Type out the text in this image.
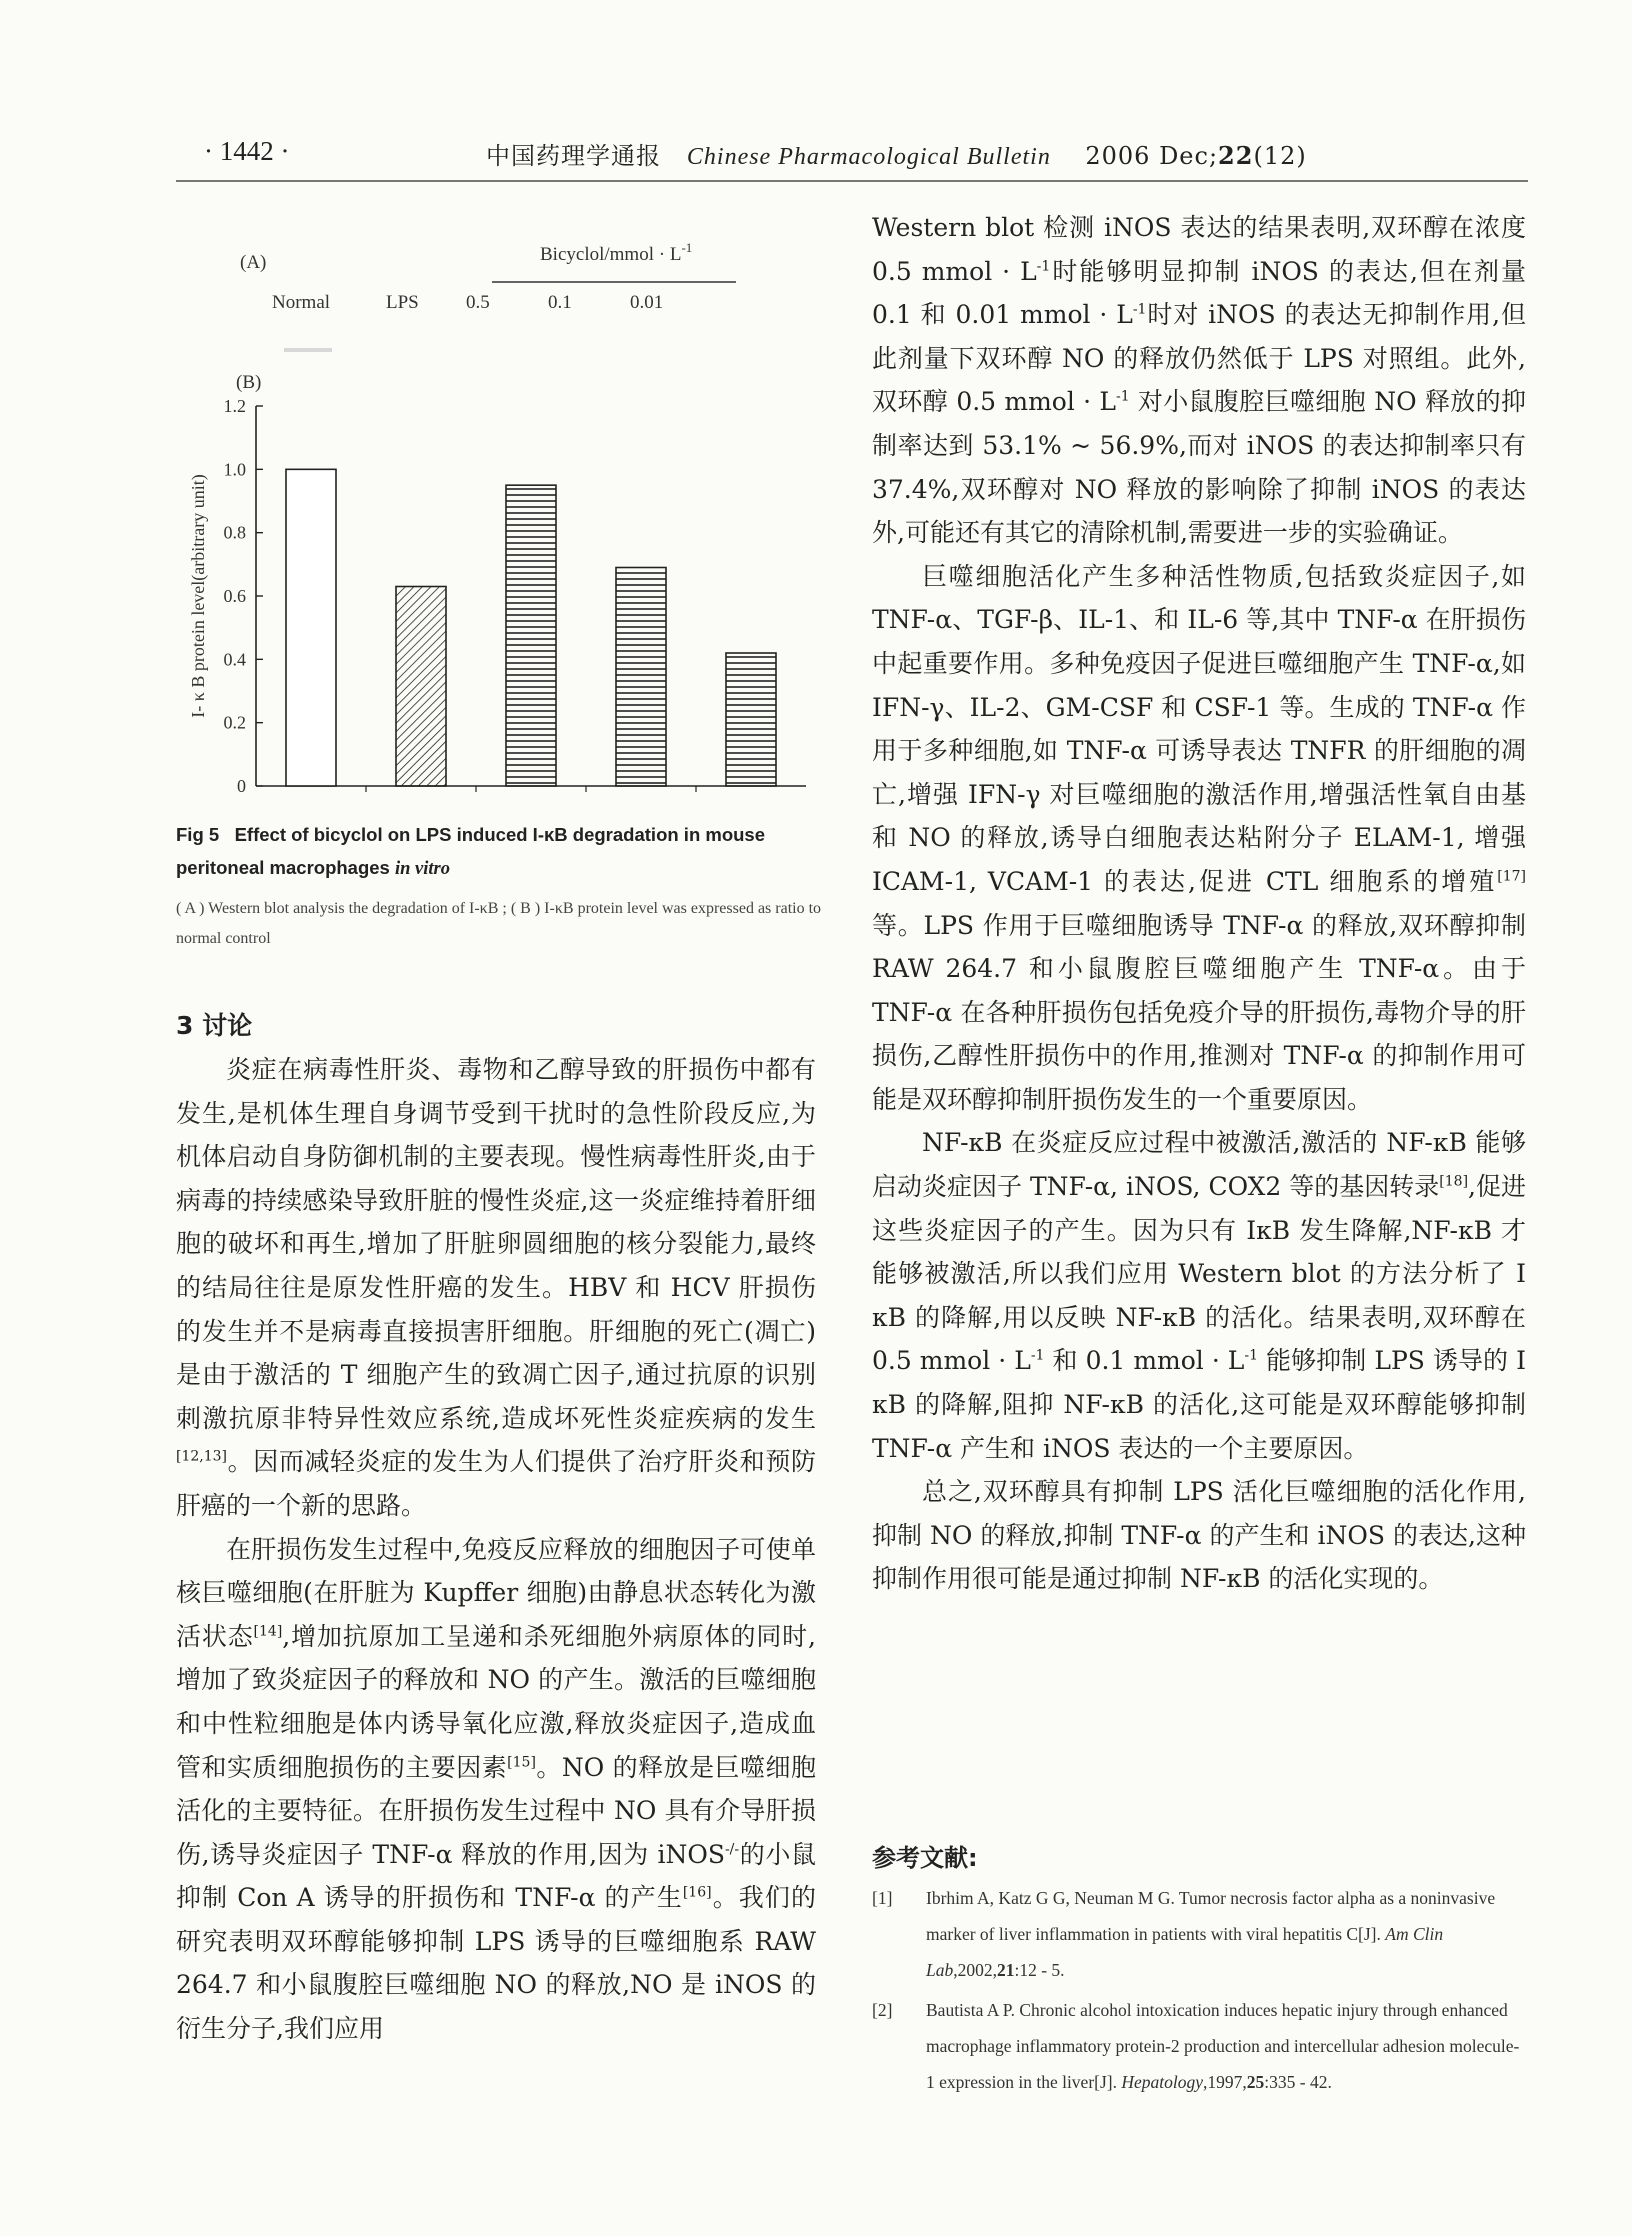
· 1442 ·	中国药理学通报 Chinese Pharmacological Bulletin 2006 Dec;22(12)
(A)	Bicyclol/mmol · $L^{-1}$
Normal	LPS 0.5	0.1	0.01
(B)
0
0.2
0.4
0.6
0.8
1.0
1.2
I- κ B protein level(arbitrary unit)
Fig 5 Effect of bicyclol on LPS induced I-κB degradation in mouse peritoneal macrophages in vitro
( A ) Western blot analysis the degradation of I-κB ; ( B ) I-κB protein level was expressed as ratio to normal control
3 讨论

炎症在病毒性肝炎、毒物和乙醇导致的肝损伤中都有发生,是机体生理自身调节受到干扰时的急性阶段反应,为机体启动自身防御机制的主要表现。慢性病毒性肝炎,由于病毒的持续感染导致肝脏的慢性炎症,这一炎症维持着肝细胞的破坏和再生,增加了肝脏卵圆细胞的核分裂能力,最终的结局往往是原发性肝癌的发生。HBV 和 HCV 肝损伤的发生并不是病毒直接损害肝细胞。肝细胞的死亡(凋亡)是由于激活的 T 细胞产生的致凋亡因子,通过抗原的识别刺激抗原非特异性效应系统,造成坏死性炎症疾病的发生[12,13]。因而减轻炎症的发生为人们提供了治疗肝炎和预防肝癌的一个新的思路。

在肝损伤发生过程中,免疫反应释放的细胞因子可使单核巨噬细胞(在肝脏为 Kupffer 细胞)由静息状态转化为激活状态[14],增加抗原加工呈递和杀死细胞外病原体的同时,增加了致炎症因子的释放和 NO 的产生。激活的巨噬细胞和中性粒细胞是体内诱导氧化应激,释放炎症因子,造成血管和实质细胞损伤的主要因素[15]。NO 的释放是巨噬细胞活化的主要特征。在肝损伤发生过程中 NO 具有介导肝损伤,诱导炎症因子 TNF-α 释放的作用,因为 iNOS-/-的小鼠抑制 Con A 诱导的肝损伤和 TNF-α 的产生[16]。我们的研究表明双环醇能够抑制 LPS 诱导的巨噬细胞系 RAW 264.7 和小鼠腹腔巨噬细胞 NO 的释放,NO 是 iNOS 的衍生分子,我们应用

Western blot 检测 iNOS 表达的结果表明,双环醇在浓度 0.5 mmol · $L^{-1}$时能够明显抑制 iNOS 的表达,但在剂量 0.1 和 0.01 mmol · $L^{-1}$时对 iNOS 的表达无抑制作用,但此剂量下双环醇 NO 的释放仍然低于 LPS 对照组。此外,双环醇 0.5 mmol · $L^{-1}$ 对小鼠腹腔巨噬细胞 NO 释放的抑制率达到 53.1% ~ 56.9%,而对 iNOS 的表达抑制率只有 37.4%,双环醇对 NO 释放的影响除了抑制 iNOS 的表达外,可能还有其它的清除机制,需要进一步的实验确证。

巨噬细胞活化产生多种活性物质,包括致炎症因子,如 TNF-α、TGF-β、IL-1、和 IL-6 等,其中 TNF-α 在肝损伤中起重要作用。多种免疫因子促进巨噬细胞产生 TNF-α,如 IFN-γ、IL-2、GM-CSF 和 CSF-1 等。生成的 TNF-α 作用于多种细胞,如 TNF-α 可诱导表达 TNFR 的肝细胞的凋亡,增强 IFN-γ 对巨噬细胞的激活作用,增强活性氧自由基和 NO 的释放,诱导白细胞表达粘附分子 ELAM-1, 增强 ICAM-1, VCAM-1 的表达,促进 CTL 细胞系的增殖[17] 等。LPS 作用于巨噬细胞诱导 TNF-α 的释放,双环醇抑制 RAW 264.7 和小鼠腹腔巨噬细胞产生 TNF-α。由于 TNF-α 在各种肝损伤包括免疫介导的肝损伤,毒物介导的肝损伤,乙醇性肝损伤中的作用,推测对 TNF-α 的抑制作用可能是双环醇抑制肝损伤发生的一个重要原因。

NF-κB 在炎症反应过程中被激活,激活的 NF-κB 能够启动炎症因子 TNF-α, iNOS, COX2 等的基因转录[18],促进这些炎症因子的产生。因为只有 IκB 发生降解,NF-κB 才能够被激活,所以我们应用 Western blot 的方法分析了 I κB 的降解,用以反映 NF-κB 的活化。结果表明,双环醇在 0.5 mmol · $L^{-1}$ 和 0.1 mmol · $L^{-1}$ 能够抑制 LPS 诱导的 I κB 的降解,阻抑 NF-κB 的活化,这可能是双环醇能够抑制 TNF-α 产生和 iNOS 表达的一个主要原因。

总之,双环醇具有抑制 LPS 活化巨噬细胞的活化作用,抑制 NO 的释放,抑制 TNF-α 的产生和 iNOS 的表达,这种抑制作用很可能是通过抑制 NF-κB 的活化实现的。

参考文献:
[1] Ibrhim A, Katz G G, Neuman M G. Tumor necrosis factor alpha as a noninvasive marker of liver inflammation in patients with viral hepatitis C[J]. Am Clin Lab,2002,21:12 - 5.
[2] Bautista A P. Chronic alcohol intoxication induces hepatic injury through enhanced macrophage inflammatory protein-2 production and intercellular adhesion molecule-1 expression in the liver[J]. Hepatology,1997,25:335 - 42.
